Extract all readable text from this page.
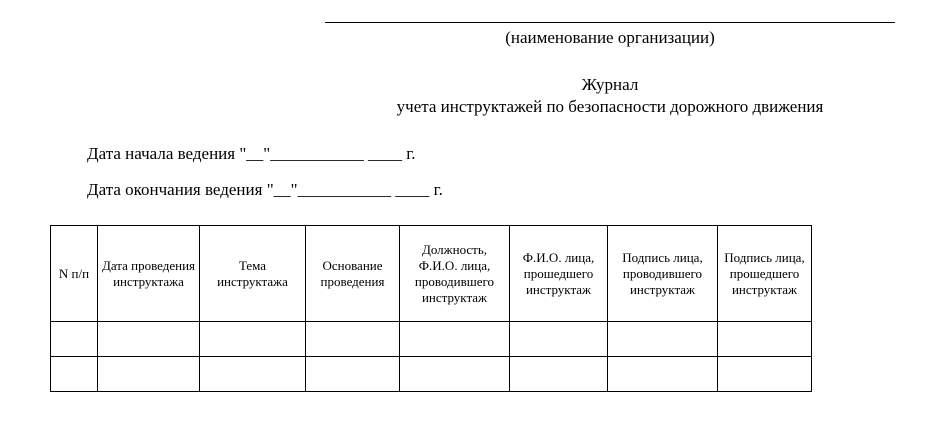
(наименование организации)
Журнал
учета инструктажей по безопасности дорожного движения
Дата начала ведения "__"___________ ____ г.
Дата окончания ведения "__"___________ ____ г.
N п/п	Дата проведения инструктажа	Тема инструктажа	Основание проведения	Должность, Ф.И.О. лица, проводившего инструктаж	Ф.И.О. лица, прошедшего инструктаж	Подпись лица, проводившего инструктаж	Подпись лица, прошедшего инструктаж
